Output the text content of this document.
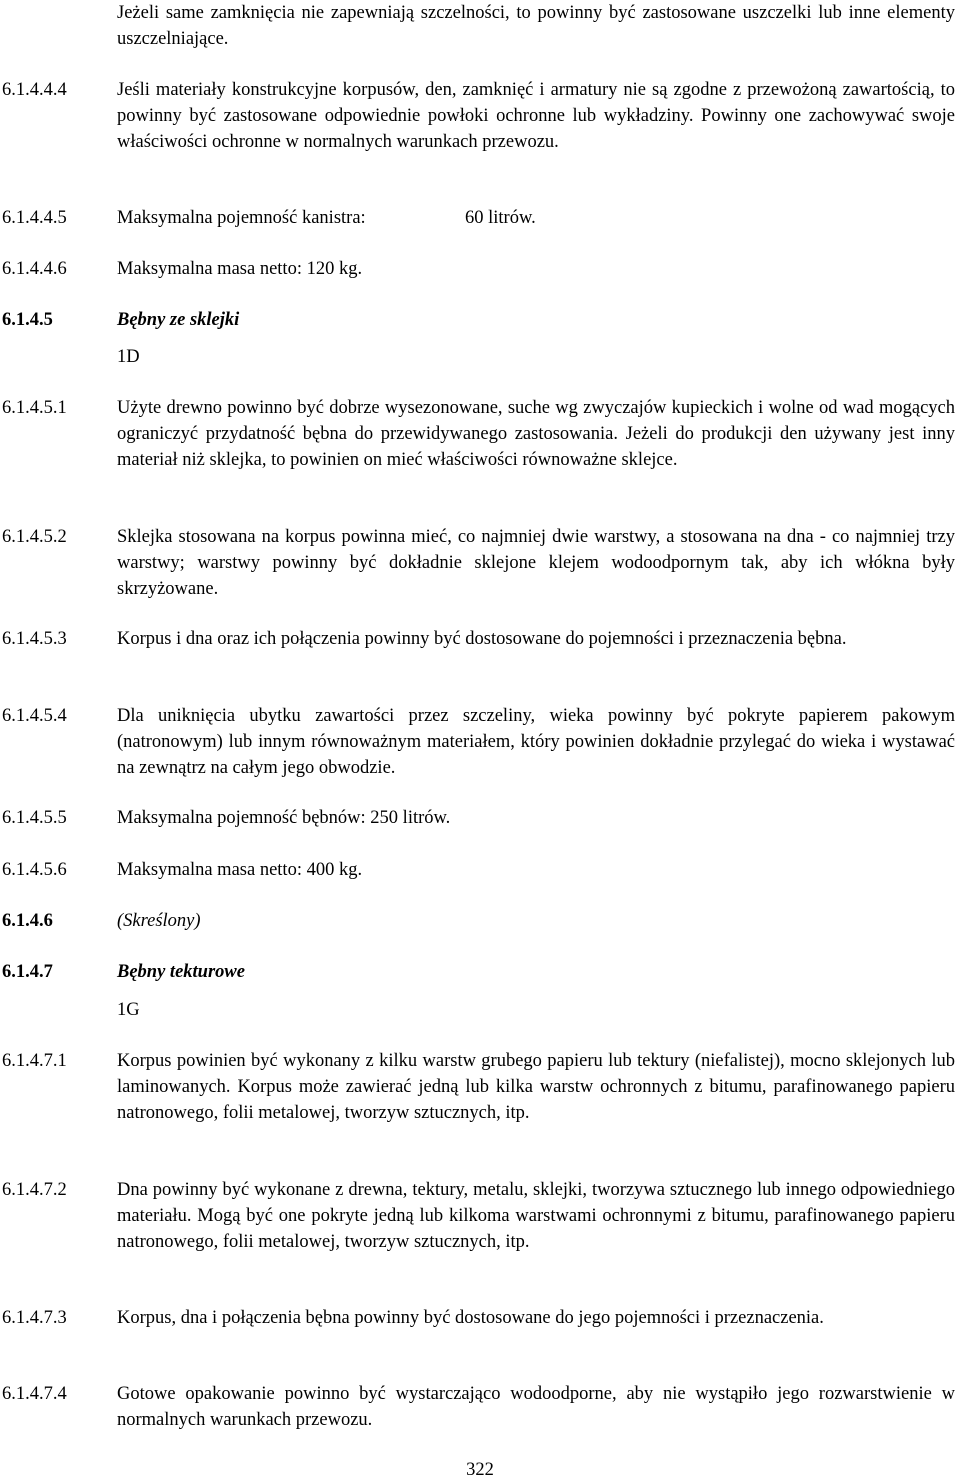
Jeżeli same zamknięcia nie zapewniają szczelności, to powinny być zastosowane uszczelki lub inne elementy uszczelniające.
6.1.4.4.4	Jeśli materiały konstrukcyjne korpusów, den, zamknięć i armatury nie są zgodne z przewożoną zawartością, to powinny być zastosowane odpowiednie powłoki ochronne lub wykładziny. Powinny one zachowywać swoje właściwości ochronne w normalnych warunkach przewozu.
6.1.4.4.5	Maksymalna pojemność kanistra:	60 litrów.
6.1.4.4.6	Maksymalna masa netto: 120 kg.
6.1.4.5	Bębny ze sklejki
1D
6.1.4.5.1	Użyte drewno powinno być dobrze wysezonowane, suche wg zwyczajów kupieckich i wolne od wad mogących ograniczyć przydatność bębna do przewidywanego zastosowania. Jeżeli do produkcji den używany jest inny materiał niż sklejka, to powinien on mieć właściwości równoważne sklejce.
6.1.4.5.2	Sklejka stosowana na korpus powinna mieć, co najmniej dwie warstwy, a stosowana na dna - co najmniej trzy warstwy; warstwy powinny być dokładnie sklejone klejem wodoodpornym tak, aby ich włókna były skrzyżowane.
6.1.4.5.3	Korpus i dna oraz ich połączenia powinny być dostosowane do pojemności i przeznaczenia bębna.
6.1.4.5.4	Dla uniknięcia ubytku zawartości przez szczeliny, wieka powinny być pokryte papierem pakowym (natronowym) lub innym równoważnym materiałem, który powinien dokładnie przylegać do wieka i wystawać na zewnątrz na całym jego obwodzie.
6.1.4.5.5	Maksymalna pojemność bębnów: 250 litrów.
6.1.4.5.6	Maksymalna masa netto: 400 kg.
6.1.4.6	(Skreślony)
6.1.4.7	Bębny tekturowe
1G
6.1.4.7.1	Korpus powinien być wykonany z kilku warstw grubego papieru lub tektury (niefalistej), mocno sklejonych lub laminowanych. Korpus może zawierać jedną lub kilka warstw ochronnych z bitumu, parafinowanego papieru natronowego, folii metalowej, tworzyw sztucznych, itp.
6.1.4.7.2	Dna powinny być wykonane z drewna, tektury, metalu, sklejki, tworzywa sztucznego lub innego odpowiedniego materiału. Mogą być one pokryte jedną lub kilkoma warstwami ochronnymi z bitumu, parafinowanego papieru natronowego, folii metalowej, tworzyw sztucznych, itp.
6.1.4.7.3	Korpus, dna i połączenia bębna powinny być dostosowane do jego pojemności i przeznaczenia.
6.1.4.7.4	Gotowe opakowanie powinno być wystarczająco wodoodporne, aby nie wystąpiło jego rozwarstwienie w normalnych warunkach przewozu.
322
